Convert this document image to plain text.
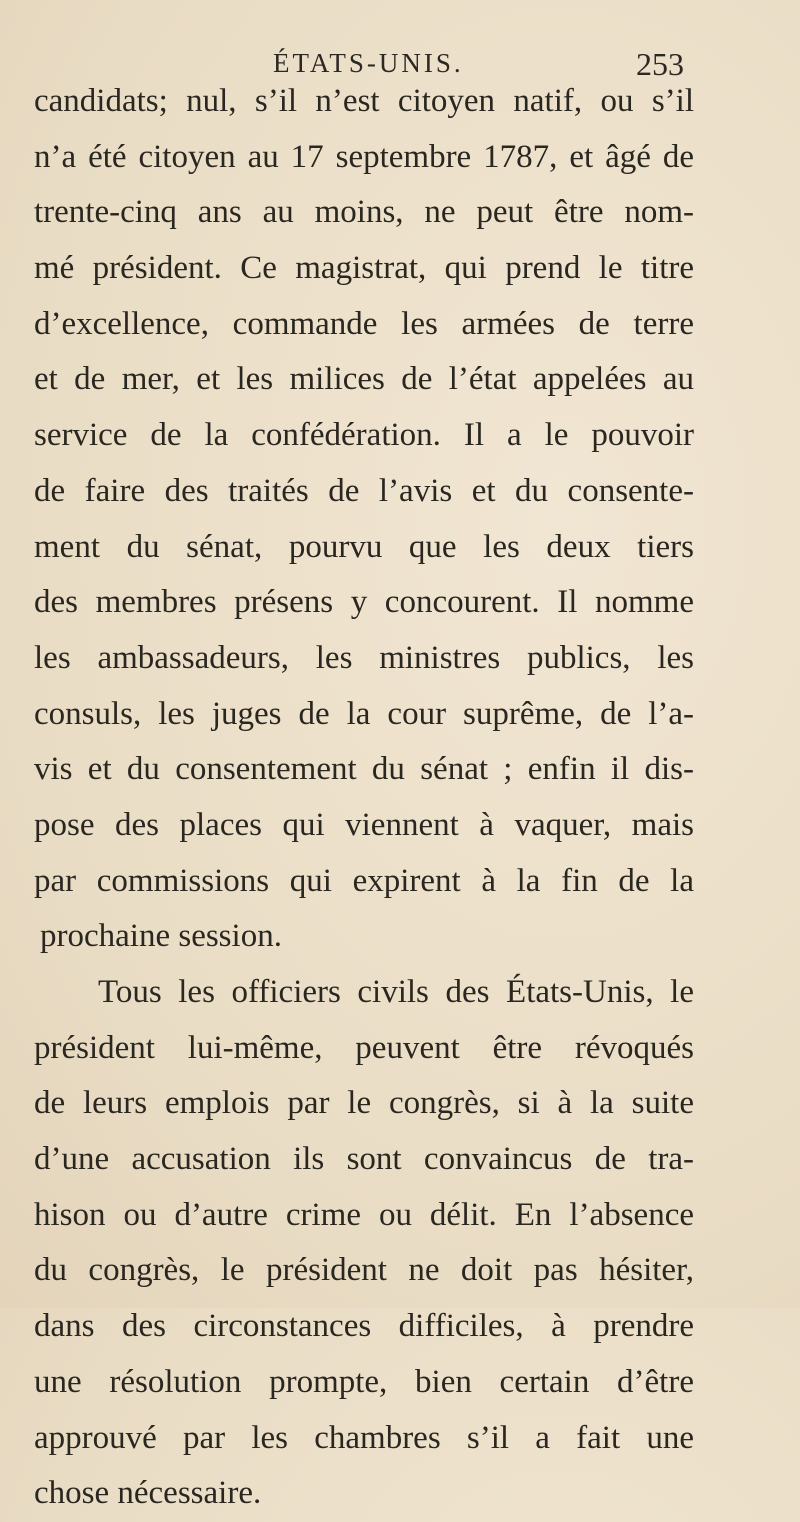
ÉTATS-UNIS.	253
candidats; nul, s’il n’est citoyen natif, ou s’il
n’a été citoyen au 17 septembre 1787, et âgé de
trente-cinq ans au moins, ne peut être nom-
mé président. Ce magistrat, qui prend le titre
d’excellence, commande les armées de terre
et de mer, et les milices de l’état appelées au
service de la confédération. Il a le pouvoir
de faire des traités de l’avis et du consente-
ment du sénat, pourvu que les deux tiers
des membres présens y concourent. Il nomme
les ambassadeurs, les ministres publics, les
consuls, les juges de la cour suprême, de l’a-
vis et du consentement du sénat ; enfin il dis-
pose des places qui viennent à vaquer, mais
par commissions qui expirent à la fin de la
prochaine session.
Tous les officiers civils des États-Unis, le
président lui-même, peuvent être révoqués
de leurs emplois par le congrès, si à la suite
d’une accusation ils sont convaincus de tra-
hison ou d’autre crime ou délit. En l’absence
du congrès, le président ne doit pas hésiter,
dans des circonstances difficiles, à prendre
une résolution prompte, bien certain d’être
approuvé par les chambres s’il a fait une
chose nécessaire.
